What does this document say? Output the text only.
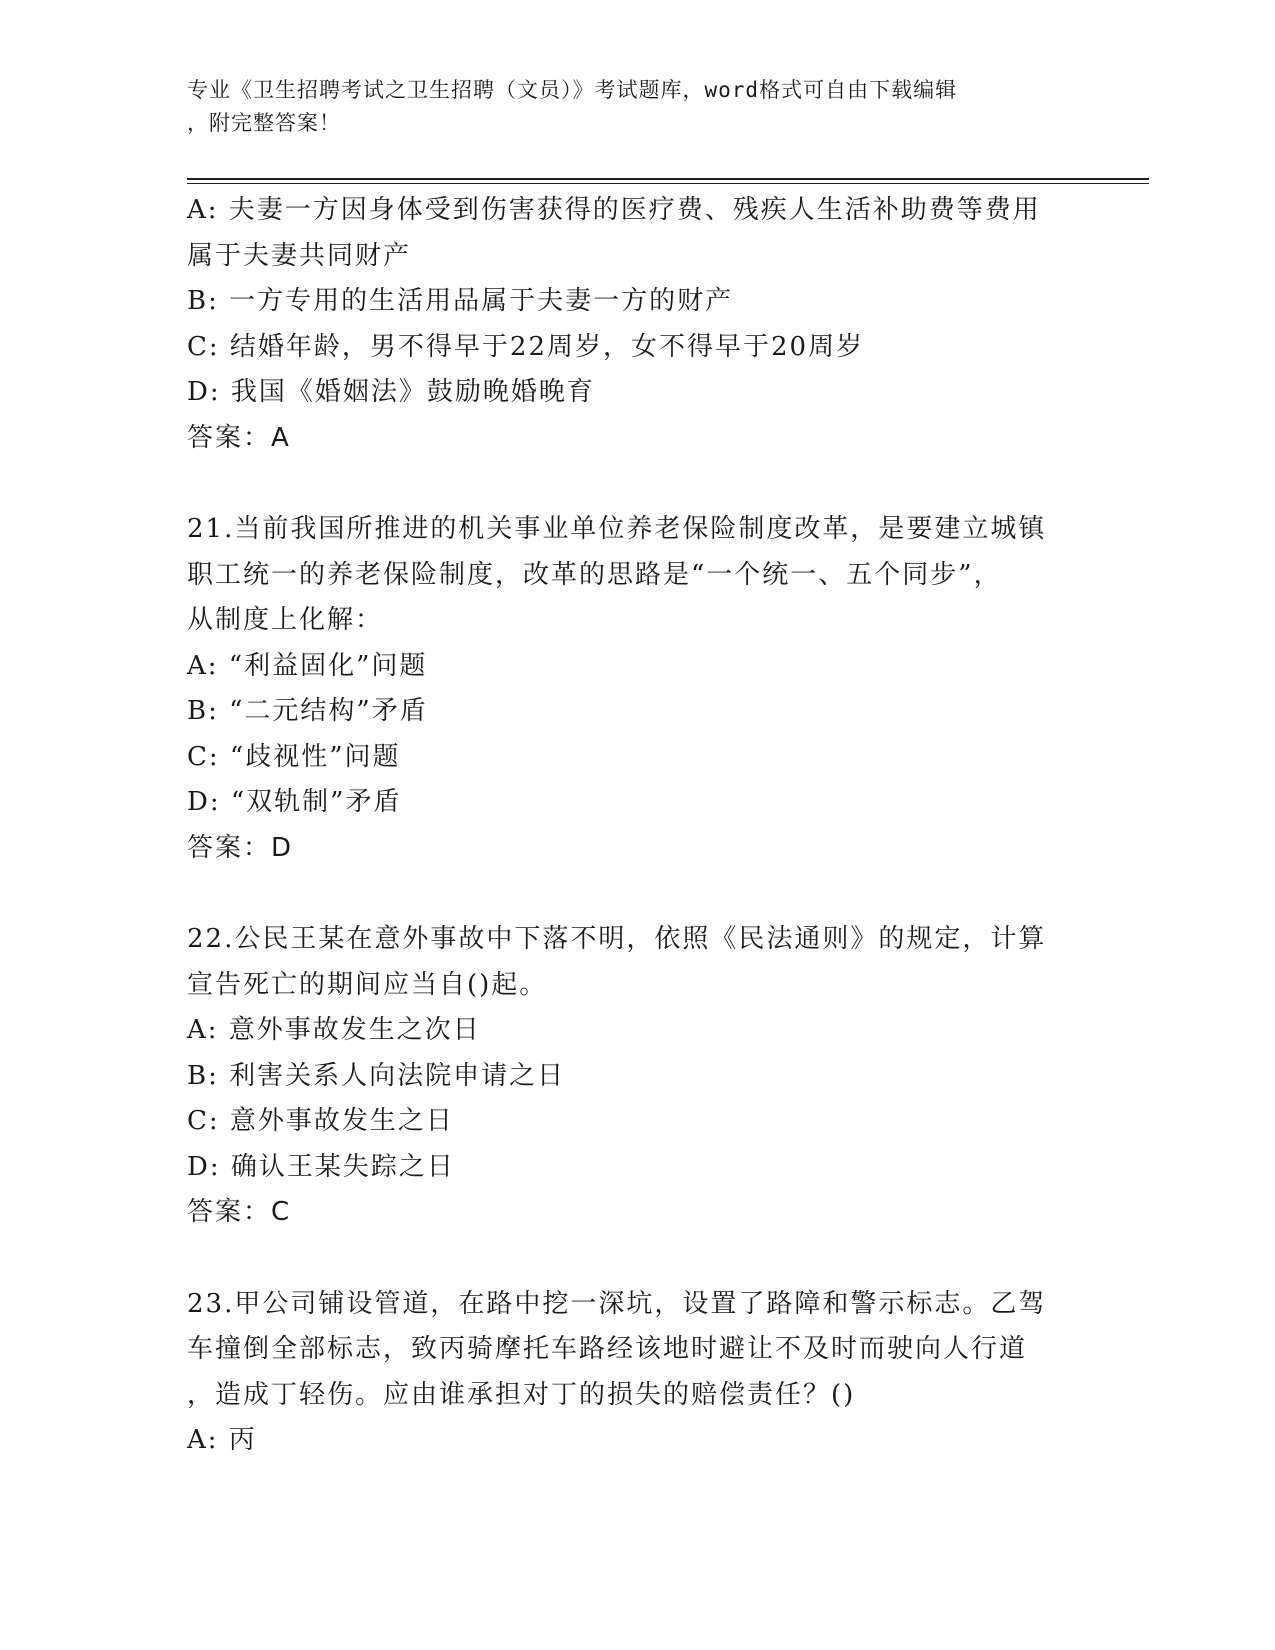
专业《卫生招聘考试之卫生招聘（文员）》考试题库，word格式可自由下载编辑
，附完整答案！
A: 夫妻一方因身体受到伤害获得的医疗费、残疾人生活补助费等费用
属于夫妻共同财产
B: 一方专用的生活用品属于夫妻一方的财产
C: 结婚年龄，男不得早于22周岁，女不得早于20周岁
D: 我国《婚姻法》鼓励晚婚晚育
答案：A
21.当前我国所推进的机关事业单位养老保险制度改革，是要建立城镇
职工统一的养老保险制度，改革的思路是“一个统一、五个同步”，
从制度上化解：
A: “利益固化”问题
B: “二元结构”矛盾
C: “歧视性”问题
D: “双轨制”矛盾
答案：D
22.公民王某在意外事故中下落不明，依照《民法通则》的规定，计算
宣告死亡的期间应当自()起。
A: 意外事故发生之次日
B: 利害关系人向法院申请之日
C: 意外事故发生之日
D: 确认王某失踪之日
答案：C
23.甲公司铺设管道，在路中挖一深坑，设置了路障和警示标志。乙驾
车撞倒全部标志，致丙骑摩托车路经该地时避让不及时而驶向人行道
，造成丁轻伤。应由谁承担对丁的损失的赔偿责任？()
A: 丙
